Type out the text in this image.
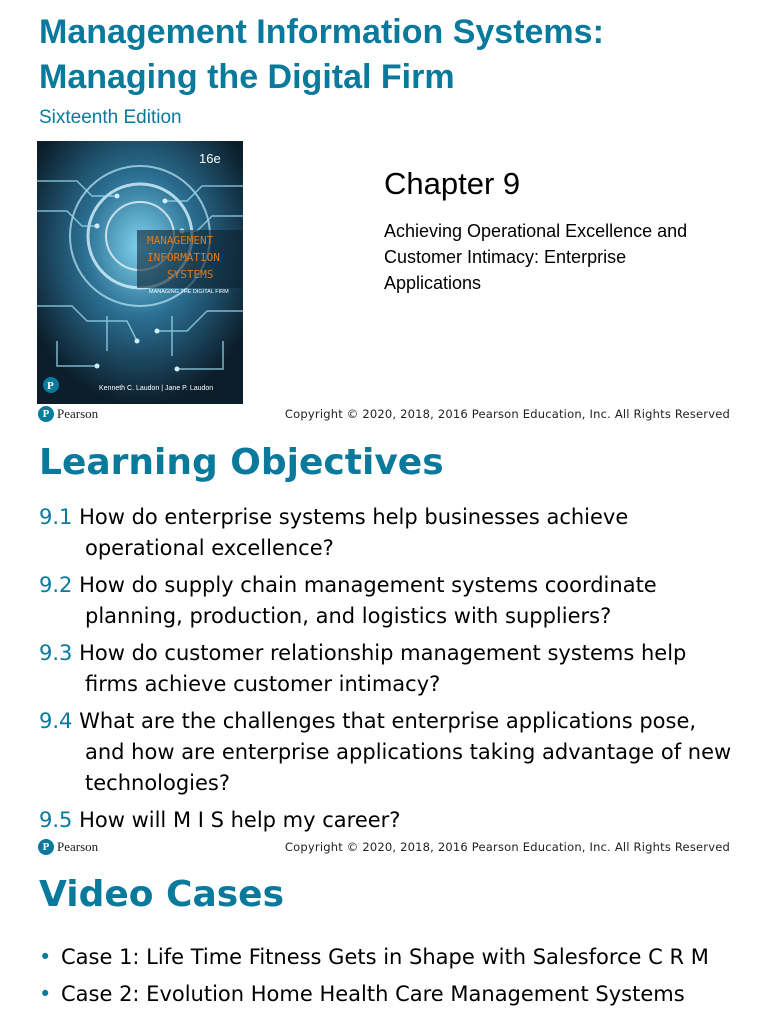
Management Information Systems:
Managing the Digital Firm
Sixteenth Edition
16e
MANAGEMENT
INFORMATION
SYSTEMS
MANAGING THE DIGITAL FIRM
P	Kenneth C. Laudon | Jane P. Laudon
Chapter 9
Achieving Operational Excellence and Customer Intimacy: Enterprise Applications
P Pearson	Copyright © 2020, 2018, 2016 Pearson Education, Inc. All Rights Reserved
Learning Objectives
9.1 How do enterprise systems help businesses achieve operational excellence?
9.2 How do supply chain management systems coordinate planning, production, and logistics with suppliers?
9.3 How do customer relationship management systems help firms achieve customer intimacy?
9.4 What are the challenges that enterprise applications pose, and how are enterprise applications taking advantage of new technologies?
9.5 How will M I S help my career?
P Pearson	Copyright © 2020, 2018, 2016 Pearson Education, Inc. All Rights Reserved
Video Cases
• Case 1: Life Time Fitness Gets in Shape with Salesforce C R M
• Case 2: Evolution Home Health Care Management Systems
